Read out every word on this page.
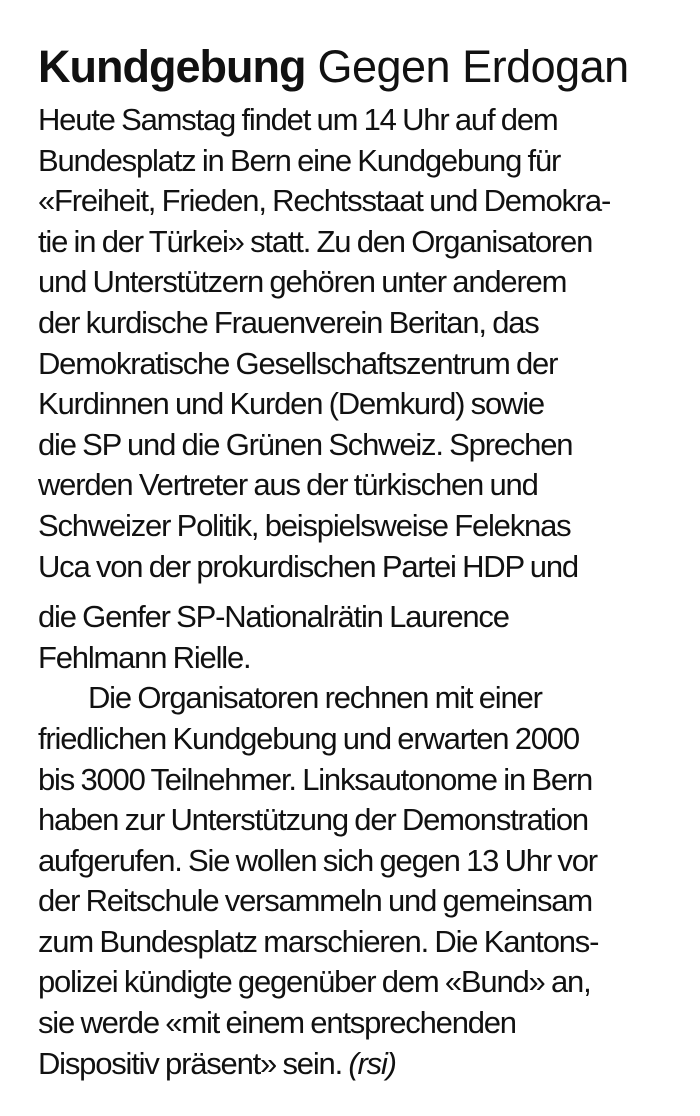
Kundgebung Gegen Erdogan
Heute Samstag findet um 14 Uhr auf dem
Bundesplatz in Bern eine Kundgebung für
«Freiheit, Frieden, Rechtsstaat und Demokra-
tie in der Türkei» statt. Zu den Organisatoren
und Unterstützern gehören unter anderem
der kurdische Frauenverein Beritan, das
Demokratische Gesellschaftszentrum der
Kurdinnen und Kurden (Demkurd) sowie
die SP und die Grünen Schweiz. Sprechen
werden Vertreter aus der türkischen und
Schweizer Politik, beispielsweise Feleknas
Uca von der prokurdischen Partei HDP und
die Genfer SP-Nationalrätin Laurence
Fehlmann Rielle.
Die Organisatoren rechnen mit einer
friedlichen Kundgebung und erwarten 2000
bis 3000 Teilnehmer. Linksautonome in Bern
haben zur Unterstützung der Demonstration
aufgerufen. Sie wollen sich gegen 13 Uhr vor
der Reitschule versammeln und gemeinsam
zum Bundesplatz marschieren. Die Kantons-
polizei kündigte gegenüber dem «Bund» an,
sie werde «mit einem entsprechenden
Dispositiv präsent» sein. (rsi)
